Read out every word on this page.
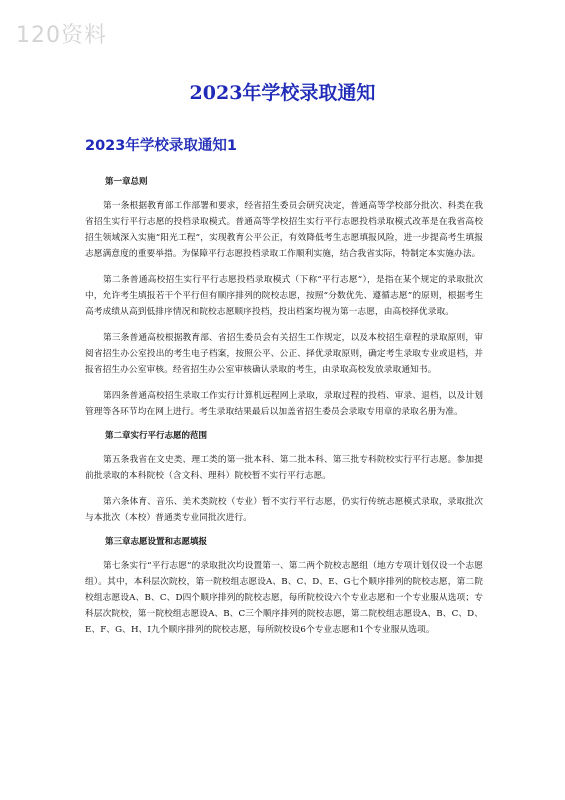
120资料
2023年学校录取通知
2023年学校录取通知1
第一章总则

第一条根据教育部工作部署和要求，经省招生委员会研究决定，普通高等学校部分批次、科类在我省招生实行平行志愿的投档录取模式。普通高等学校招生实行平行志愿投档录取模式改革是在我省高校招生领域深入实施“阳光工程”，实现教育公平公正，有效降低考生志愿填报风险，进一步提高考生填报志愿满意度的重要举措。为保障平行志愿投档录取工作顺利实施，结合我省实际，特制定本实施办法。

第二条普通高校招生实行平行志愿投档录取模式（下称“平行志愿”），是指在某个规定的录取批次中，允许考生填报若干个平行但有顺序排列的院校志愿，按照“分数优先、遵循志愿”的原则，根据考生高考成绩从高到低排序情况和院校志愿顺序投档，投出档案均视为第一志愿，由高校择优录取。

第三条普通高校根据教育部、省招生委员会有关招生工作规定，以及本校招生章程的录取原则，审阅省招生办公室投出的考生电子档案，按照公平、公正、择优录取原则，确定考生录取专业或退档，并报省招生办公室审核。经省招生办公室审核确认录取的考生，由录取高校发放录取通知书。

第四条普通高校招生录取工作实行计算机远程网上录取，录取过程的投档、审录、退档，以及计划管理等各环节均在网上进行。考生录取结果最后以加盖省招生委员会录取专用章的录取名册为准。

第二章实行平行志愿的范围

第五条我省在文史类、理工类的第一批本科、第二批本科、第三批专科院校实行平行志愿。参加提前批录取的本科院校（含文科、理科）院校暂不实行平行志愿。

第六条体育、音乐、美术类院校（专业）暂不实行平行志愿，仍实行传统志愿模式录取，录取批次与本批次（本校）普通类专业同批次进行。

第三章志愿设置和志愿填报

第七条实行“平行志愿”的录取批次均设置第一、第二两个院校志愿组（地方专项计划仅设一个志愿组）。其中，本科层次院校，第一院校组志愿设A、B、C、D、E、G七个顺序排列的院校志愿，第二院校组志愿设A、B、C、D四个顺序排列的院校志愿，每所院校设六个专业志愿和一个专业服从选项；专科层次院校，第一院校组志愿设A、B、C三个顺序排列的院校志愿，第二院校组志愿设A、B、C、D、E、F、G、H、I九个顺序排列的院校志愿，每所院校设6个专业志愿和1个专业服从选项。
